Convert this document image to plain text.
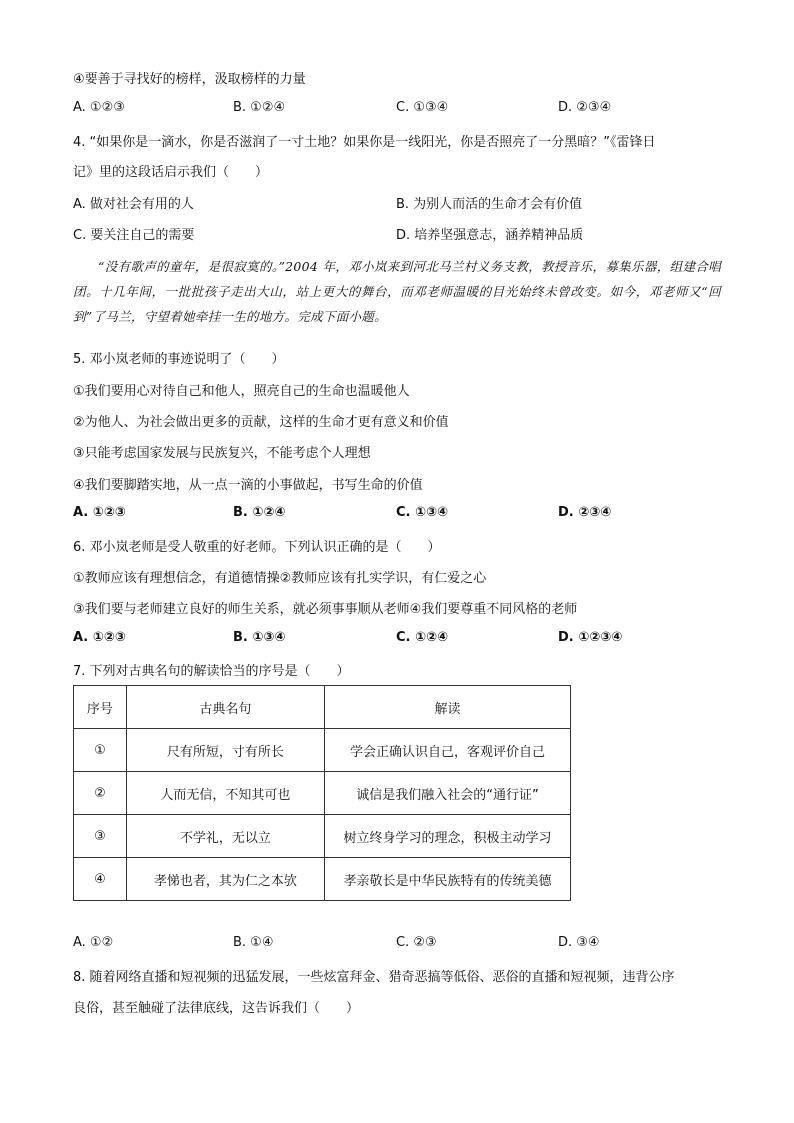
④要善于寻找好的榜样，汲取榜样的力量
A. ①②③	B. ①②④	C. ①③④	D. ②③④
4. “如果你是一滴水，你是否滋润了一寸土地？如果你是一线阳光，你是否照亮了一分黑暗？”《雷锋日
记》里的这段话启示我们（　　）
A. 做对社会有用的人	B. 为别人而活的生命才会有价值
C. 要关注自己的需要	D. 培养坚强意志，涵养精神品质
“没有歌声的童年，是很寂寞的。”2004 年，邓小岚来到河北马兰村义务支教，教授音乐，募集乐器，组建合唱团。十几年间，一批批孩子走出大山，站上更大的舞台，而邓老师温暖的目光始终未曾改变。如今，邓老师又“回到”了马兰，守望着她牵挂一生的地方。完成下面小题。
5. 邓小岚老师的事迹说明了（　　）
①我们要用心对待自己和他人，照亮自己的生命也温暖他人
②为他人、为社会做出更多的贡献，这样的生命才更有意义和价值
③只能考虑国家发展与民族复兴，不能考虑个人理想
④我们要脚踏实地，从一点一滴的小事做起，书写生命的价值
A. ①②③	B. ①②④	C. ①③④	D. ②③④
6. 邓小岚老师是受人敬重的好老师。下列认识正确的是（　　）
①教师应该有理想信念，有道德情操②教师应该有扎实学识，有仁爱之心
③我们要与老师建立良好的师生关系，就必须事事顺从老师④我们要尊重不同风格的老师
A. ①②③	B. ①③④	C. ①②④	D. ①②③④
7. 下列对古典名句的解读恰当的序号是（　　）
序号	古典名句	解读
①	尺有所短，寸有所长	学会正确认识自己，客观评价自己
②	人而无信，不知其可也	诚信是我们融入社会的“通行证”
③	不学礼，无以立	树立终身学习的理念，积极主动学习
④	孝悌也者，其为仁之本欤	孝亲敬长是中华民族特有的传统美德
A. ①②	B. ①④	C. ②③	D. ③④
8. 随着网络直播和短视频的迅猛发展，一些炫富拜金、猎奇恶搞等低俗、恶俗的直播和短视频，违背公序
良俗，甚至触碰了法律底线，这告诉我们（　　）
